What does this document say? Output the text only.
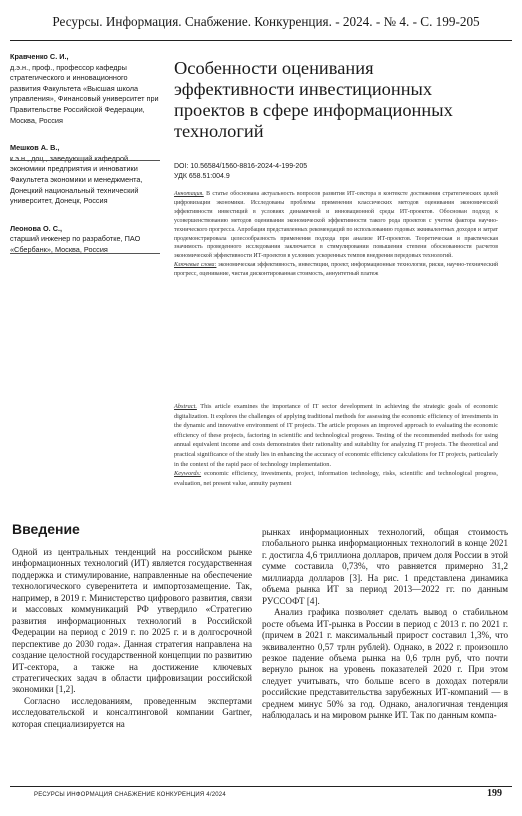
Ресурсы. Информация. Снабжение. Конкуренция. - 2024. - № 4. - С. 199-205
Кравченко С. И.,
д.э.н., проф., профессор кафедры стратегического и инновационного развития Факультета «Высшая школа управления», Финансовый университет при Правительстве Российской Федерации, Москва, Россия
Мешков А. В.,
к.э.н., доц., заведующий кафедрой экономики предприятия и инноватики Факультета экономики и менеджмента, Донецкий национальный технический университет, Донецк, Россия
Леонова О. С.,
старший инженер по разработке, ПАО «Сбербанк», Москва, Россия
Особенности оценивания эффективности инвестиционных проектов в сфере информационных технологий
DOI: 10.56584/1560-8816-2024-4-199-205
УДК 658.51:004.9

Аннотация. В статье обоснована актуальность вопросов развития ИТ-сектора в контексте достижения стратегических целей цифровизации экономики. Исследованы проблемы применения классических методов оценивания экономической эффективности инвестиций в условиях динамичной и инновационной среды ИТ-проектов. Обоснован подход к усовершенствованию методов оценивания экономической эффективности такого рода проектов с учетом фактора научно-технического прогресса. Апробация представленных рекомендаций по использованию годовых эквивалентных доходов и затрат продемонстрировала целесообразность применения подхода при анализе ИТ-проектов. Теоретическая и практическая значимость проведенного исследования заключается в стимулировании повышения степени обоснованности расчетов экономической эффективности ИТ-проектов в условиях ускоренных темпов внедрения передовых технологий.

Ключевые слова: экономическая эффективность, инвестиции, проект, информационные технологии, риски, научно-технический прогресс, оценивание, чистая дисконтированная стоимость, аннуитетный платеж

Abstract. This article examines the importance of IT sector development in achieving the strategic goals of economic digitalization. It explores the challenges of applying traditional methods for assessing the economic efficiency of investments in the dynamic and innovative environment of IT projects. The article proposes an improved approach to evaluating the economic efficiency of these projects, factoring in scientific and technological progress. Testing of the recommended methods for using annual equivalent income and costs demonstrates their rationality and suitability for analyzing IT projects. The theoretical and practical significance of the study lies in enhancing the accuracy of economic efficiency calculations for IT projects, particularly in the context of the rapid pace of technology implementation.

Keywords: economic efficiency, investments, project, information technology, risks, scientific and technological progress, evaluation, net present value, annuity payment

Введение

Одной из центральных тенденций на российском рынке информационных технологий (ИТ) является государственная поддержка и стимулирование, направленные на обеспечение технологического суверенитета и импортозамещение. Так, например, в 2019 г. Министерство цифрового развития, связи и массовых коммуникаций РФ утвердило «Стратегию развития информационных технологий в Российской Федерации на период с 2019 г. по 2025 г. и в долгосрочной перспективе до 2030 года». Данная стратегия направлена на создание целостной государственной концепции по развитию ИТ-сектора, а также на достижение ключевых стратегических задач в области цифровизации российской экономики [1,2].

Согласно исследованиям, проведенным экспертами исследовательской и консалтинговой компании Gartner, которая специализируется на

рынках информационных технологий, общая стоимость глобального рынка информационных технологий в конце 2021 г. достигла 4,6 триллиона долларов, причем доля России в этой сумме составила 0,73%, что равняется примерно 31,2 миллиарда долларов [3]. На рис. 1 представлена динамика объема рынка ИТ за период 2013—2022 гг. по данным РУССОФТ [4].

Анализ графика позволяет сделать вывод о стабильном росте объема ИТ-рынка в России в период с 2013 г. по 2021 г. (причем в 2021 г. максимальный прирост составил 1,3%, что эквивалентно 0,57 трлн рублей). Однако, в 2022 г. произошло резкое падение объема рынка на 0,6 трлн руб, что почти вернуло рынок на уровень показателей 2020 г. При этом следует учитывать, что больше всего в доходах потеряли российские представительства зарубежных ИТ-компаний — в среднем минус 50% за год. Однако, аналогичная тенденция наблюдалась и на мировом рынке ИТ. Так по данным компа-

РЕСУРСЫ ИНФОРМАЦИЯ СНАБЖЕНИЕ КОНКУРЕНЦИЯ 4/2024	199
